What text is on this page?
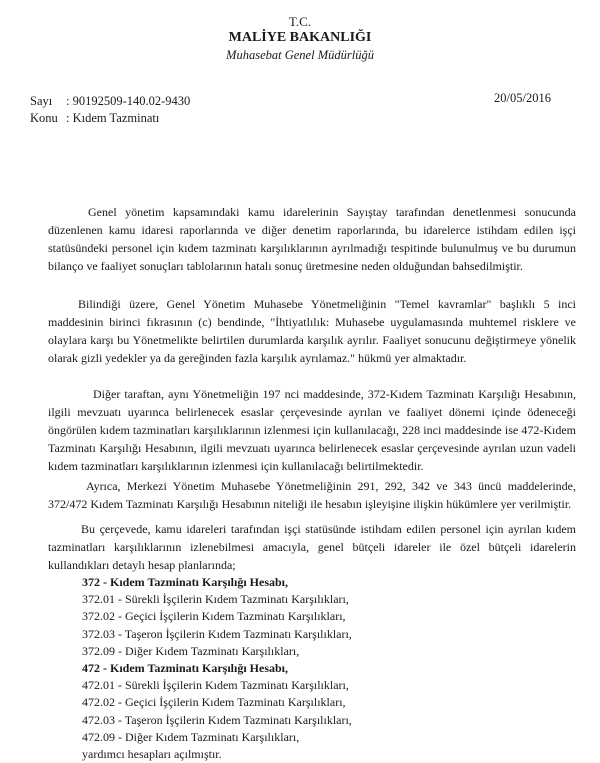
T.C.
MALİYE BAKANLIĞI
Muhasebat Genel Müdürlüğü
Sayı : 90192509-140.02-9430
Konu : Kıdem Tazminatı
20/05/2016
Genel yönetim kapsamındaki kamu idarelerinin Sayıştay tarafından denetlenmesi sonucunda düzenlenen kamu idaresi raporlarında ve diğer denetim raporlarında, bu idarelerce istihdam edilen işçi statüsündeki personel için kıdem tazminatı karşılıklarının ayrılmadığı tespitinde bulunulmuş ve bu durumun bilanço ve faaliyet sonuçları tablolarının hatalı sonuç üretmesine neden olduğundan bahsedilmiştir.
Bilindiği üzere, Genel Yönetim Muhasebe Yönetmeliğinin "Temel kavramlar" başlıklı 5 inci maddesinin birinci fıkrasının (c) bendinde, "İhtiyatlılık: Muhasebe uygulamasında muhtemel risklere ve olaylara karşı bu Yönetmelikte belirtilen durumlarda karşılık ayrılır. Faaliyet sonucunu değiştirmeye yönelik olarak gizli yedekler ya da gereğinden fazla karşılık ayrılamaz." hükmü yer almaktadır.
Diğer taraftan, aynı Yönetmeliğin 197 nci maddesinde, 372-Kıdem Tazminatı Karşılığı Hesabının, ilgili mevzuatı uyarınca belirlenecek esaslar çerçevesinde ayrılan ve faaliyet dönemi içinde ödeneceği öngörülen kıdem tazminatları karşılıklarının izlenmesi için kullanılacağı, 228 inci maddesinde ise 472-Kıdem Tazminatı Karşılığı Hesabının, ilgili mevzuatı uyarınca belirlenecek esaslar çerçevesinde ayrılan uzun vadeli kıdem tazminatları karşılıklarının izlenmesi için kullanılacağı belirtilmektedir.
Ayrıca, Merkezi Yönetim Muhasebe Yönetmeliğinin 291, 292, 342 ve 343 üncü maddelerinde, 372/472 Kıdem Tazminatı Karşılığı Hesabının niteliği ile hesabın işleyişine ilişkin hükümlere yer verilmiştir.
Bu çerçevede, kamu idareleri tarafından işçi statüsünde istihdam edilen personel için ayrılan kıdem tazminatları karşılıklarının izlenebilmesi amacıyla, genel bütçeli idareler ile özel bütçeli idarelerin kullandıkları detaylı hesap planlarında;
372 - Kıdem Tazminatı Karşılığı Hesabı,
372.01 - Sürekli İşçilerin Kıdem Tazminatı Karşılıkları,
372.02 - Geçici İşçilerin Kıdem Tazminatı Karşılıkları,
372.03 - Taşeron İşçilerin Kıdem Tazminatı Karşılıkları,
372.09 - Diğer Kıdem Tazminatı Karşılıkları,
472 - Kıdem Tazminatı Karşılığı Hesabı,
472.01 - Sürekli İşçilerin Kıdem Tazminatı Karşılıkları,
472.02 - Geçici İşçilerin Kıdem Tazminatı Karşılıkları,
472.03 - Taşeron İşçilerin Kıdem Tazminatı Karşılıkları,
472.09 - Diğer Kıdem Tazminatı Karşılıkları,
yardımcı hesapları açılmıştır.
